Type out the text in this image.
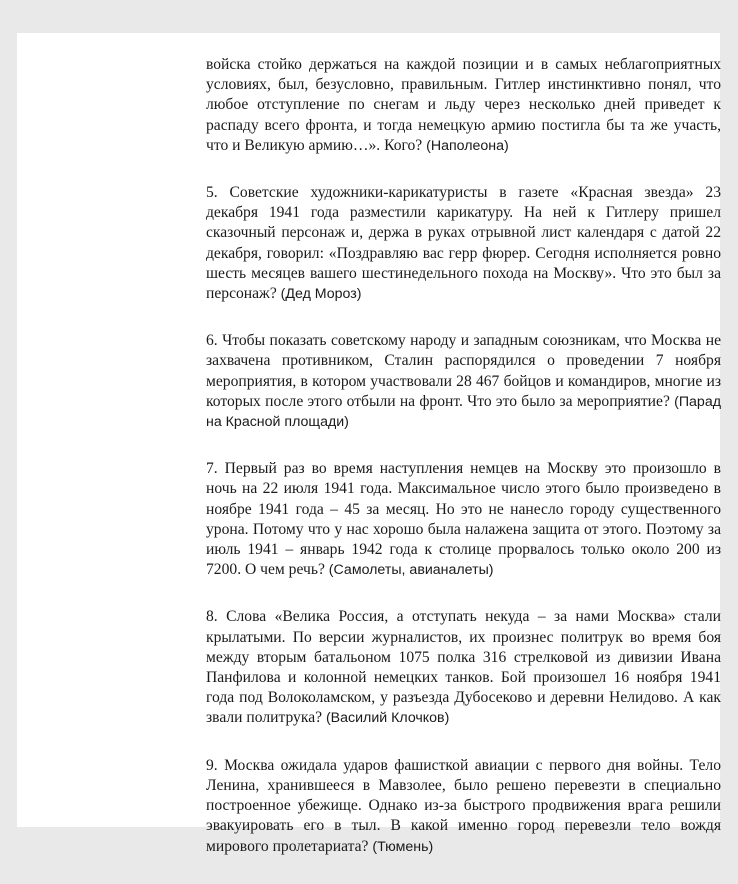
войска стойко держаться на каждой позиции и в самых неблагоприятных условиях, был, безусловно, правильным. Гитлер инстинктивно понял, что любое отступление по снегам и льду через несколько дней приведет к распаду всего фронта, и тогда немецкую армию постигла бы та же участь, что и Великую армию…». Кого? (Наполеона)

5. Советские художники-карикатуристы в газете «Красная звезда» 23 декабря 1941 года разместили карикатуру. На ней к Гитлеру пришел сказочный персонаж и, держа в руках отрывной лист календаря с датой 22 декабря, говорил: «Поздравляю вас герр фюрер. Сегодня исполняется ровно шесть месяцев вашего шестинедельного похода на Москву». Что это был за персонаж? (Дед Мороз)

6. Чтобы показать советскому народу и западным союзникам, что Москва не захвачена противником, Сталин распорядился о проведении 7 ноября мероприятия, в котором участвовали 28 467 бойцов и командиров, многие из которых после этого отбыли на фронт. Что это было за мероприятие? (Парад на Красной площади)

7. Первый раз во время наступления немцев на Москву это произошло в ночь на 22 июля 1941 года. Максимальное число этого было произведено в ноябре 1941 года – 45 за месяц. Но это не нанесло городу существенного урона. Потому что у нас хорошо была налажена защита от этого. Поэтому за июль 1941 – январь 1942 года к столице прорвалось только около 200 из 7200. О чем речь? (Самолеты, авианалеты)

8. Слова «Велика Россия, а отступать некуда – за нами Москва» стали крылатыми. По версии журналистов, их произнес политрук во время боя между вторым батальоном 1075 полка 316 стрелковой из дивизии Ивана Панфилова и колонной немецких танков. Бой произошел 16 ноября 1941 года под Волоколамском, у разъезда Дубосеково и деревни Нелидово. А как звали политрука? (Василий Клочков)

9. Москва ожидала ударов фашисткой авиации с первого дня войны. Тело Ленина, хранившееся в Мавзолее, было решено перевезти в специально построенное убежище. Однако из-за быстрого продвижения врага решили эвакуировать его в тыл. В какой именно город перевезли тело вождя мирового пролетариата? (Тюмень)
